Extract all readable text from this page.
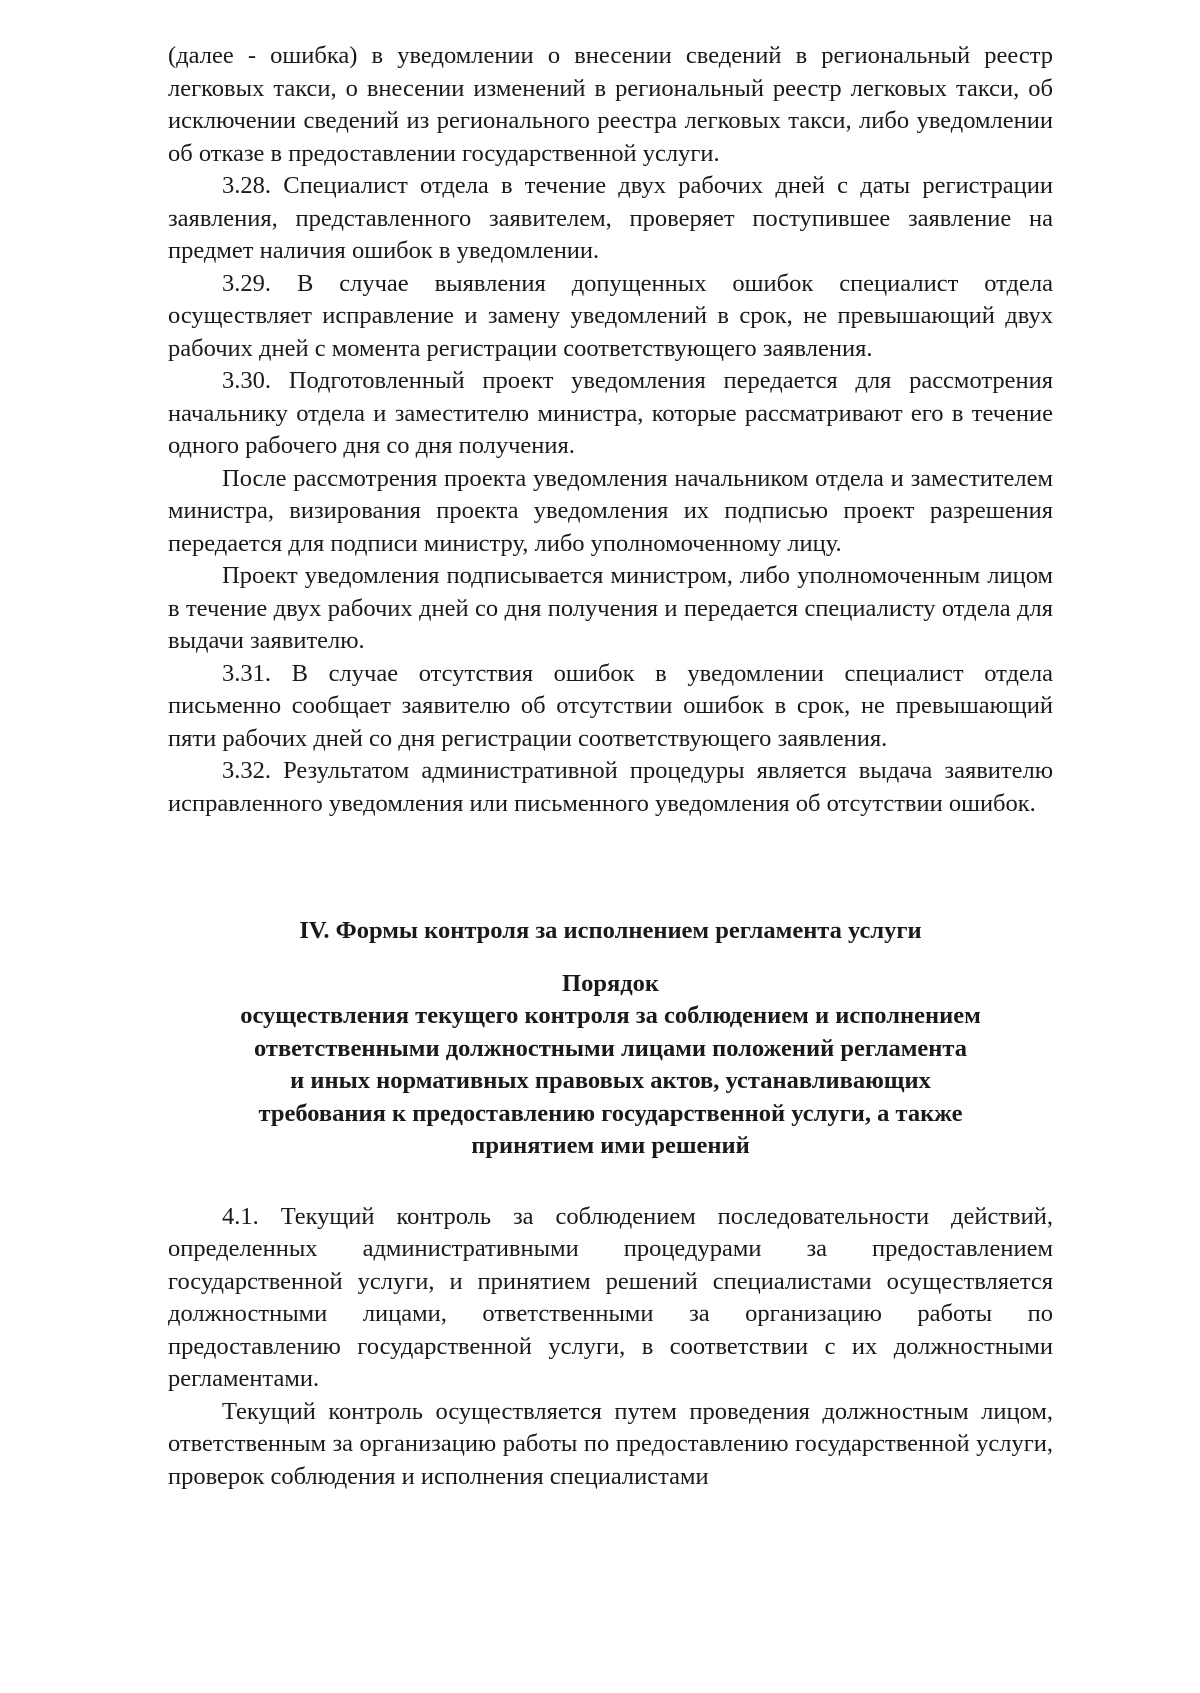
(далее - ошибка) в уведомлении о внесении сведений в региональный реестр легковых такси, о внесении изменений в региональный реестр легковых такси, об исключении сведений из регионального реестра легковых такси, либо уведомлении об отказе в предоставлении государственной услуги.

3.28. Специалист отдела в течение двух рабочих дней с даты регистрации заявления, представленного заявителем, проверяет поступившее заявление на предмет наличия ошибок в уведомлении.

3.29. В случае выявления допущенных ошибок специалист отдела осуществляет исправление и замену уведомлений в срок, не превышающий двух рабочих дней с момента регистрации соответствующего заявления.

3.30. Подготовленный проект уведомления передается для рассмотрения начальнику отдела и заместителю министра, которые рассматривают его в течение одного рабочего дня со дня получения.

После рассмотрения проекта уведомления начальником отдела и заместителем министра, визирования проекта уведомления их подписью проект разрешения передается для подписи министру, либо уполномоченному лицу.

Проект уведомления подписывается министром, либо уполномоченным лицом в течение двух рабочих дней со дня получения и передается специалисту отдела для выдачи заявителю.

3.31. В случае отсутствия ошибок в уведомлении специалист отдела письменно сообщает заявителю об отсутствии ошибок в срок, не превышающий пяти рабочих дней со дня регистрации соответствующего заявления.

3.32. Результатом административной процедуры является выдача заявителю исправленного уведомления или письменного уведомления об отсутствии ошибок.

IV. Формы контроля за исполнением регламента услуги
Порядок
осуществления текущего контроля за соблюдением и исполнением
ответственными должностными лицами положений регламента
и иных нормативных правовых актов, устанавливающих
требования к предоставлению государственной услуги, а также
принятием ими решений

4.1. Текущий контроль за соблюдением последовательности действий, определенных административными процедурами за предоставлением государственной услуги, и принятием решений специалистами осуществляется должностными лицами, ответственными за организацию работы по предоставлению государственной услуги, в соответствии с их должностными регламентами.

Текущий контроль осуществляется путем проведения должностным лицом, ответственным за организацию работы по предоставлению государственной услуги, проверок соблюдения и исполнения специалистами
